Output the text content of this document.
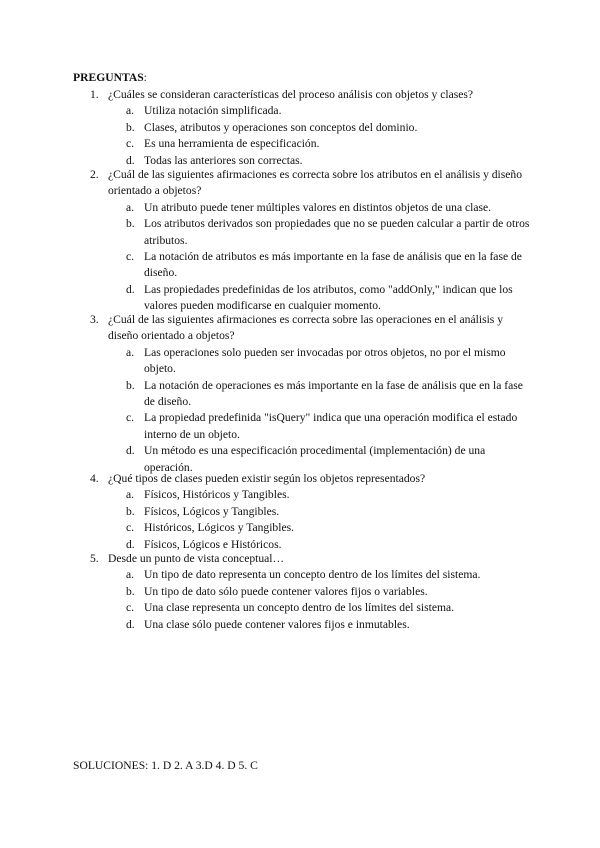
PREGUNTAS:
1. ¿Cuáles se consideran características del proceso análisis con objetos y clases?
a. Utiliza notación simplificada.
b. Clases, atributos y operaciones son conceptos del dominio.
c. Es una herramienta de especificación.
d. Todas las anteriores son correctas.
2. ¿Cuál de las siguientes afirmaciones es correcta sobre los atributos en el análisis y diseño orientado a objetos?
a. Un atributo puede tener múltiples valores en distintos objetos de una clase.
b. Los atributos derivados son propiedades que no se pueden calcular a partir de otros atributos.
c. La notación de atributos es más importante en la fase de análisis que en la fase de diseño.
d. Las propiedades predefinidas de los atributos, como "addOnly," indican que los valores pueden modificarse en cualquier momento.
3. ¿Cuál de las siguientes afirmaciones es correcta sobre las operaciones en el análisis y diseño orientado a objetos?
a. Las operaciones solo pueden ser invocadas por otros objetos, no por el mismo objeto.
b. La notación de operaciones es más importante en la fase de análisis que en la fase de diseño.
c. La propiedad predefinida "isQuery" indica que una operación modifica el estado interno de un objeto.
d. Un método es una especificación procedimental (implementación) de una operación.
4. ¿Qué tipos de clases pueden existir según los objetos representados?
a. Físicos, Históricos y Tangibles.
b. Físicos, Lógicos y Tangibles.
c. Históricos, Lógicos y Tangibles.
d. Físicos, Lógicos e Históricos.
5. Desde un punto de vista conceptual…
a. Un tipo de dato representa un concepto dentro de los límites del sistema.
b. Un tipo de dato sólo puede contener valores fijos o variables.
c. Una clase representa un concepto dentro de los límites del sistema.
d. Una clase sólo puede contener valores fijos e inmutables.
SOLUCIONES: 1. D 2. A 3.D 4. D 5. C
